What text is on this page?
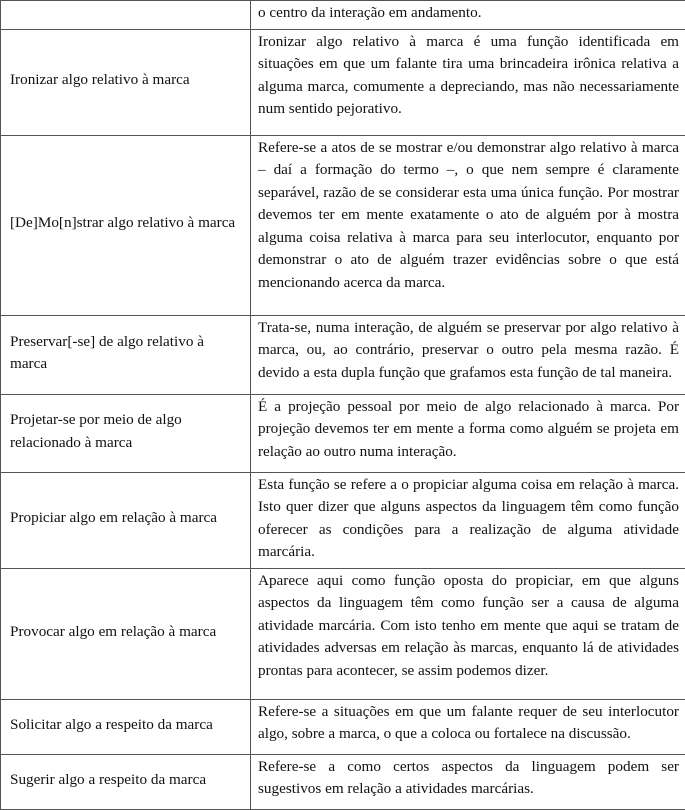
	o centro da interação em andamento.
Ironizar algo relativo à marca	Ironizar algo relativo à marca é uma função identificada em situações em que um falante tira uma brincadeira irônica relativa a alguma marca, comumente a depreciando, mas não necessariamente num sentido pejorativo.
[De]Mo[n]strar algo relativo à marca	Refere-se a atos de se mostrar e/ou demonstrar algo relativo à marca – daí a formação do termo –, o que nem sempre é claramente separável, razão de se considerar esta uma única função. Por mostrar devemos ter em mente exatamente o ato de alguém por à mostra alguma coisa relativa à marca para seu interlocutor, enquanto por demonstrar o ato de alguém trazer evidências sobre o que está mencionando acerca da marca.
Preservar[-se] de algo relativo à marca	Trata-se, numa interação, de alguém se preservar por algo relativo à marca, ou, ao contrário, preservar o outro pela mesma razão. É devido a esta dupla função que grafamos esta função de tal maneira.
Projetar-se por meio de algo relacionado à marca	É a projeção pessoal por meio de algo relacionado à marca. Por projeção devemos ter em mente a forma como alguém se projeta em relação ao outro numa interação.
Propiciar algo em relação à marca	Esta função se refere a o propiciar alguma coisa em relação à marca. Isto quer dizer que alguns aspectos da linguagem têm como função oferecer as condições para a realização de alguma atividade marcária.
Provocar algo em relação à marca	Aparece aqui como função oposta do propiciar, em que alguns aspectos da linguagem têm como função ser a causa de alguma atividade marcária. Com isto tenho em mente que aqui se tratam de atividades adversas em relação às marcas, enquanto lá de atividades prontas para acontecer, se assim podemos dizer.
Solicitar algo a respeito da marca	Refere-se a situações em que um falante requer de seu interlocutor algo, sobre a marca, o que a coloca ou fortalece na discussão.
Sugerir algo a respeito da marca	Refere-se a como certos aspectos da linguagem podem ser sugestivos em relação a atividades marcárias.
